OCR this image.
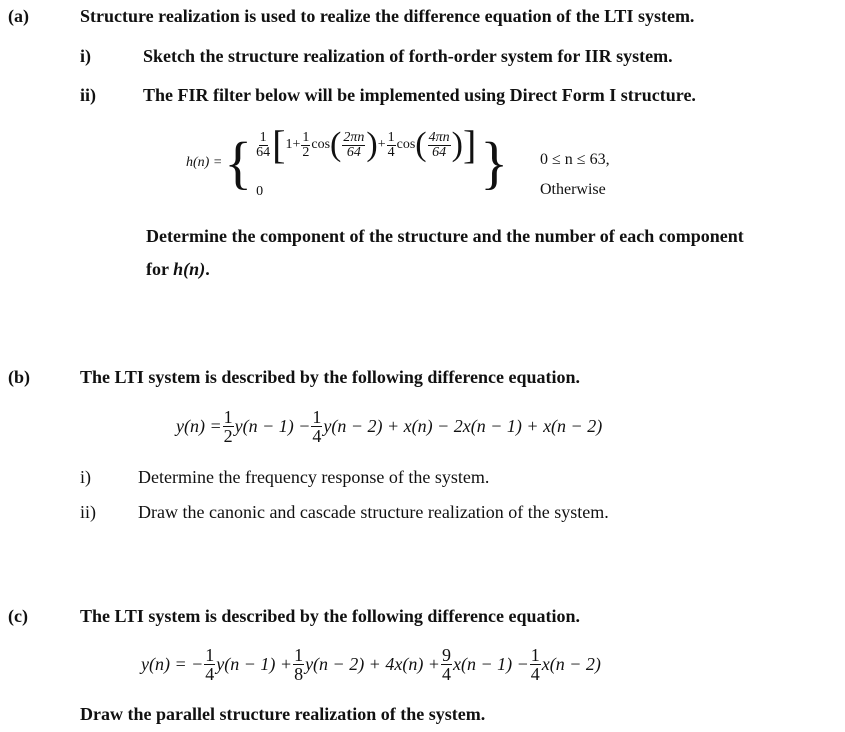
(a)	Structure realization is used to realize the difference equation of the LTI system.
i)	Sketch the structure realization of forth-order system for IIR system.
ii)	The FIR filter below will be implemented using Direct Form I structure.
h(n) = { $\frac{1}{64}$ [ $1+ \frac{1}{2}$ cos ( $\frac{2\pi n}{64}$ ) + $\frac{1}{4}$ cos ( $\frac{4\pi n}{64}$ ) ]
0	} 0 ≤ n ≤ 63,
Otherwise
Determine the component of the structure and the number of each component
for h(n).
(b)	The LTI system is described by the following difference equation.
$y(n) = \frac{1}{2} y(n - 1) - \frac{1}{4} y(n - 2) + x(n) - 2x(n - 1) + x(n - 2)$
i)	Determine the frequency response of the system.
ii) Draw the canonic and cascade structure realization of the system.
(c)	The LTI system is described by the following difference equation.
y(n) = − $\frac{1}{4} y(n - 1) + \frac{1}{8} y(n - 2) + 4x(n) + \frac{9}{4} x(n - 1) - \frac{1}{4} x(n - 2)$
Draw the parallel structure realization of the system.
